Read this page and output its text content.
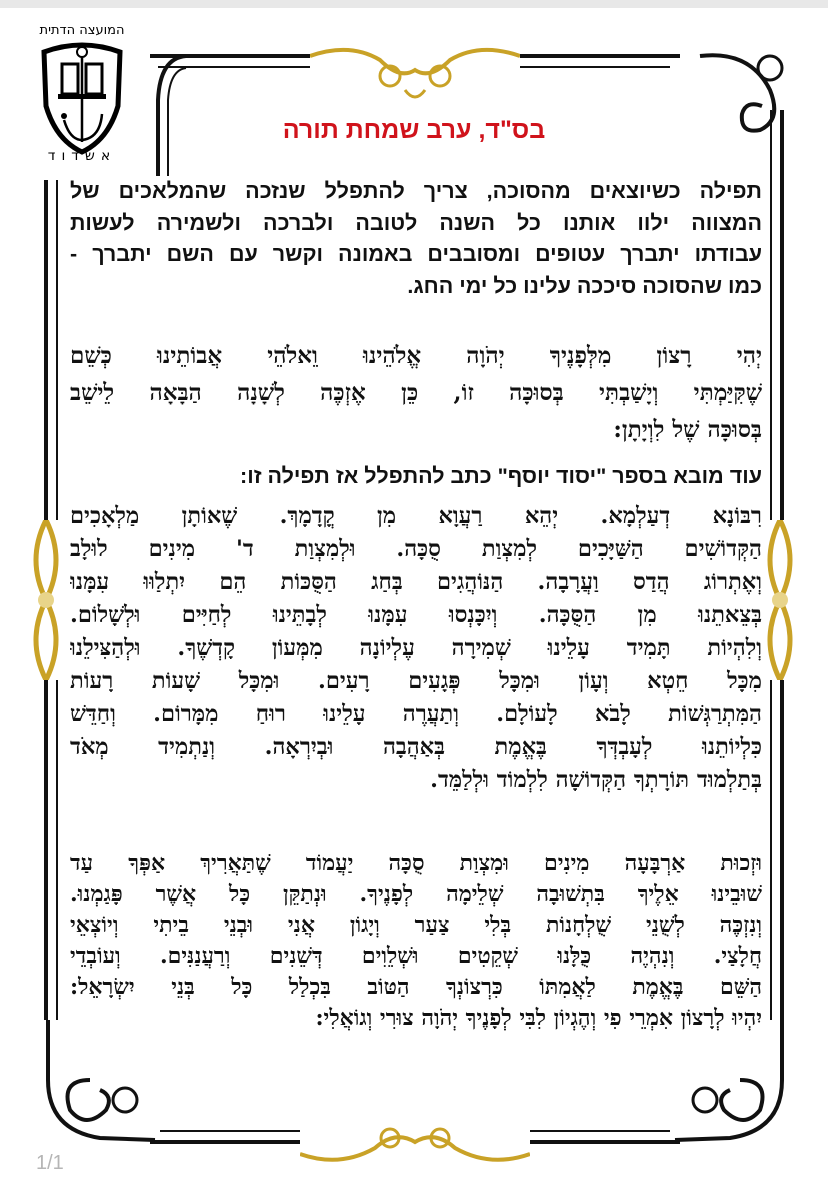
המועצה הדתית
אשדוד
בס"ד, ערב שמחת תורה
תפילה כשיוצאים מהסוכה, צריך להתפלל שנזכה שהמלאכים של
המצווה ילוו אותנו כל השנה לטובה ולברכה ולשמירה לעשות
עבודתו יתברך עטופים ומסובבים באמונה וקשר עם השם יתברך -
כמו שהסוכה סיככה עלינו כל ימי החג.
יְהִי רָצוֹן מִלְּפָנֶיךָ יְהֹוָה אֱלֹהֵינוּ וֵאלֹהֵי אֲבוֹתֵינוּ כְּשֵׁם
שֶׁקִּיַּמְתִּי וְיָשַׁבְתִּי בְּסוּכָּה זוֹ, כֵּן אֶזְכֶּה לְשָׁנָה הַבָּאָה לֵישֵׁב
בְּסוּכָּה שֶׁל לִוְיָתָן:
עוד מובא בספר "יסוד יוסף" כתב להתפלל אז תפילה זו:
רִבּוֹנָא דְעַלְמָא. יְהֵא רַעֲוָא מִן קֳדָמָךְ. שֶׁאוֹתָן מַלְאָכִים
הַקְּדוֹשִׁים הַשַּׁיָּכִים לְמִצְוַת סֻכָּה. וּלְמִצְוַת ד' מִינִים לוּלָב
וְאֶתְרוֹג הֲדַס וַעֲרָבָה. הַנּוֹהֲגִים בְּחַג הַסֻּכּוֹת הֵם יִתְלַוּוּ עִמָּנוּ
בְּצֵאתֵנוּ מִן הַסֻּכָּה. וְיִכָּנְסוּ עִמָּנוּ לְבָתֵּינוּ לְחַיִּים וּלְשָׁלוֹם.
וְלִהְיוֹת תָּמִיד עָלֵינוּ שְׁמִירָה עֶלְיוֹנָה מִמְּעוֹן קָדְשֶׁךָ. וּלְהַצִּילֵנוּ
מִכָּל חֵטְא וְעָוֹן וּמִכָּל פְּגָעִים רָעִים. וּמִכָּל שָׁעוֹת רָעוֹת
הַמִּתְרַגְּשׁוֹת לָבֹא לָעוֹלָם. וְתַעֲרֶה עָלֵינוּ רוּחַ מִמָּרוֹם. וְחַדֵּשׁ
כִּלְיוֹתֵנוּ לְעָבְדְּךָ בֶּאֱמֶת בְּאַהֲבָה וּבְיִרְאָה. וְנַתְמִיד מְאֹד
בְּתַלְמוּד תּוֹרָתְךָ הַקְּדוֹשָׁה לִלְמוֹד וּלְלַמֵּד.
וּזְכוּת אַרְבָּעָה מִינִים וּמִצְוַת סֻכָּה יַעֲמוֹד שֶׁתַּאֲרִיךְ אַפְּךָ עַד
שׁוּבֵינוּ אֵלֶיךָ בִּתְשׁוּבָה שְׁלֵימָה לְפָנֶיךָ. וּנְתַקֵּן כָּל אֲשֶׁר פָּגַמְנוּ.
וְנִזְכֶּה לְשֻׁנֵי שֻׁלְחָנוֹת בְּלִי צַעַר וְיָגוֹן אֲנִי וּבְנֵי בֵיתִי וְיוֹצְאֵי
חֲלָצַי. וְנִהְיֶה כֻּלָּנוּ שְׁקֵטִים וּשְׁלֵוִים דְּשֵׁנִים וְרַעֲנַנִּים. וְעוֹבְדֵי
הַשֵּׁם בֶּאֱמֶת לַאֲמִתּוֹ כִּרְצוֹנְךָ הַטּוֹב בִּכְלַל כָּל בְּנֵי יִשְׂרָאֵל:
יִהְיוּ לְרָצוֹן אִמְרֵי פִי וְהֶגְיוֹן לִבִּי לְפָנֶיךָ יְהֹוָה צוּרִי וְגוֹאֲלִי:
1/1
